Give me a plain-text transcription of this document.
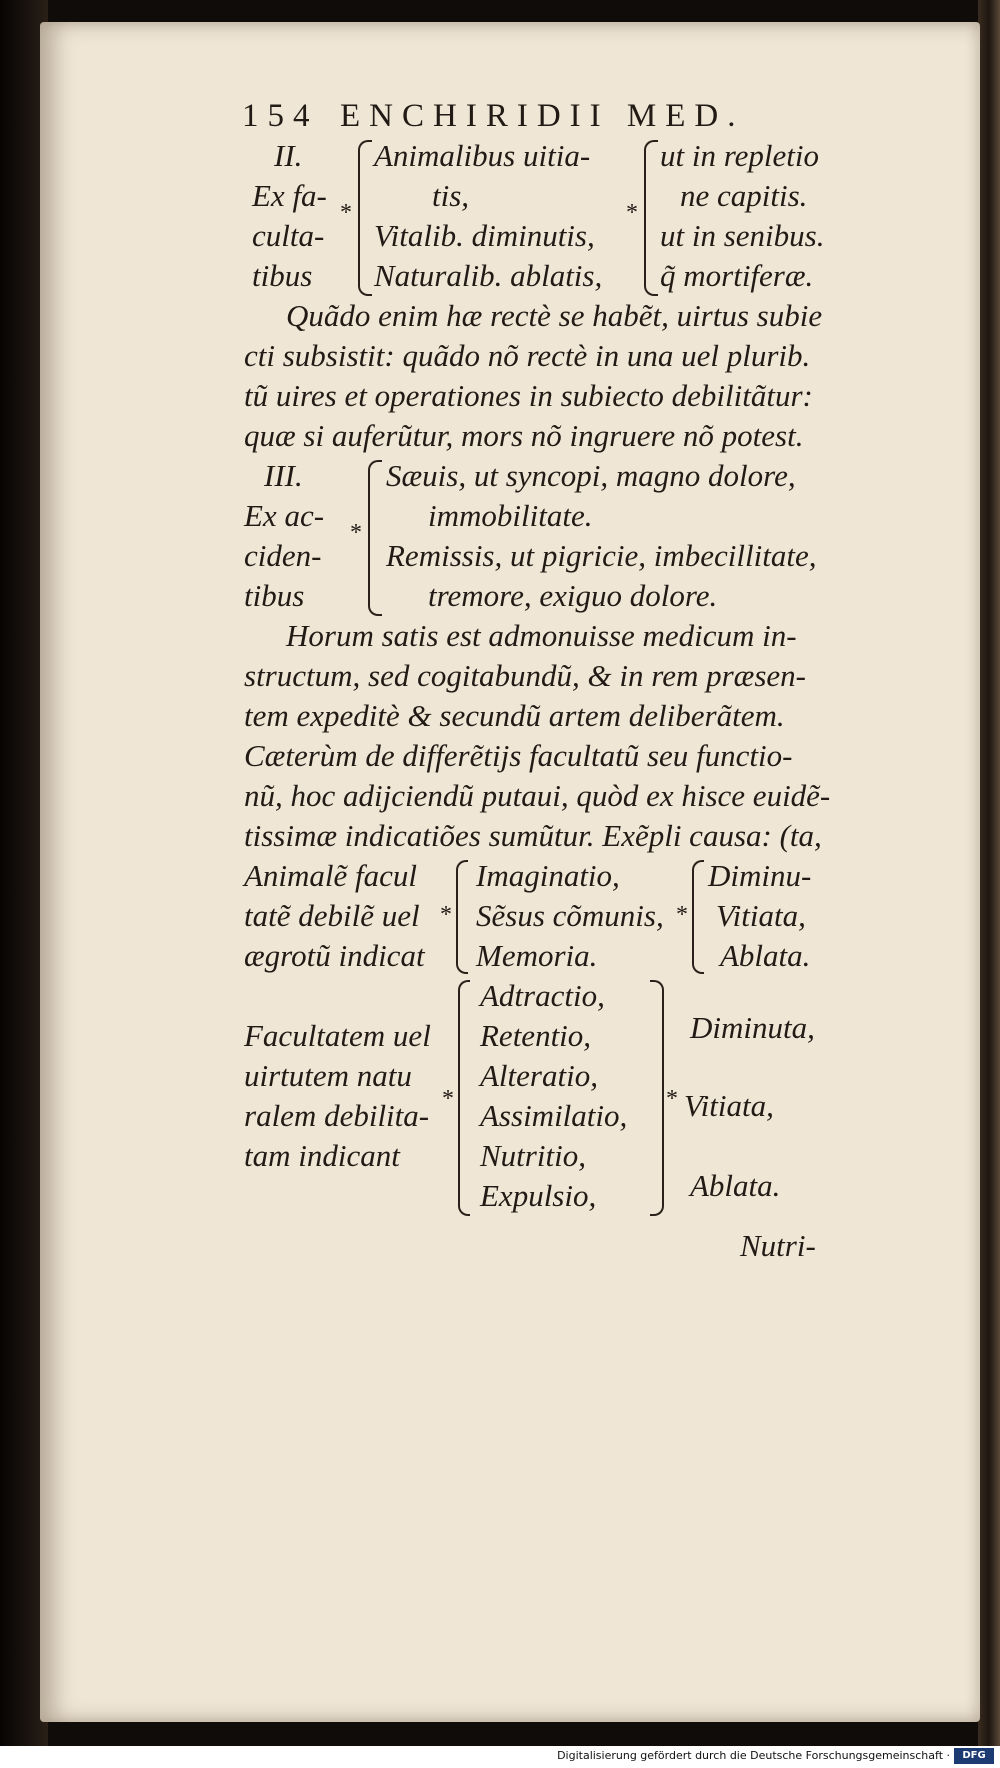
154 ENCHIRIDII MED.
II.
Ex fa-
culta-
tibus
*
Animalibus uitia-
tis,
Vitalib. diminutis,
Naturalib. ablatis,
*
ut in repletio
ne capitis.
ut in senibus.
q̃ mortiferæ.
Quãdo enim hæ rectè se habẽt, uirtus subie
cti subsistit: quãdo nõ rectè in una uel plurib.
tũ uires et operationes in subiecto debilitãtur:
quæ si auferũtur, mors nõ ingruere nõ potest.
III.
Ex ac-
ciden-
tibus
*
Sæuis, ut syncopi, magno dolore,
immobilitate.
Remissis, ut pigricie, imbecillitate,
tremore, exiguo dolore.
Horum satis est admonuisse medicum in-
structum, sed cogitabundũ, & in rem præsen-
tem expeditè & secundũ artem deliberãtem.
Cæterùm de differẽtijs facultatũ seu functio-
nũ, hoc adijciendũ putaui, quòd ex hisce euidẽ-
tissimæ indicatiões sumũtur. Exẽpli causa: (ta,
Animalẽ facul
tatẽ debilẽ uel
ægrotũ indicat
*
Imaginatio,
Sẽsus cõmunis,
Memoria.
*
Diminu-
Vitiata,
Ablata.
Facultatem uel
uirtutem natu
ralem debilita-
tam indicant
*
Adtractio,
Retentio,
Alteratio,
Assimilatio,
Nutritio,
Expulsio,
*
Diminuta,
Vitiata,
Ablata.
Nutri-
Digitalisierung gefördert durch die Deutsche Forschungsgemeinschaft ·	DFG
